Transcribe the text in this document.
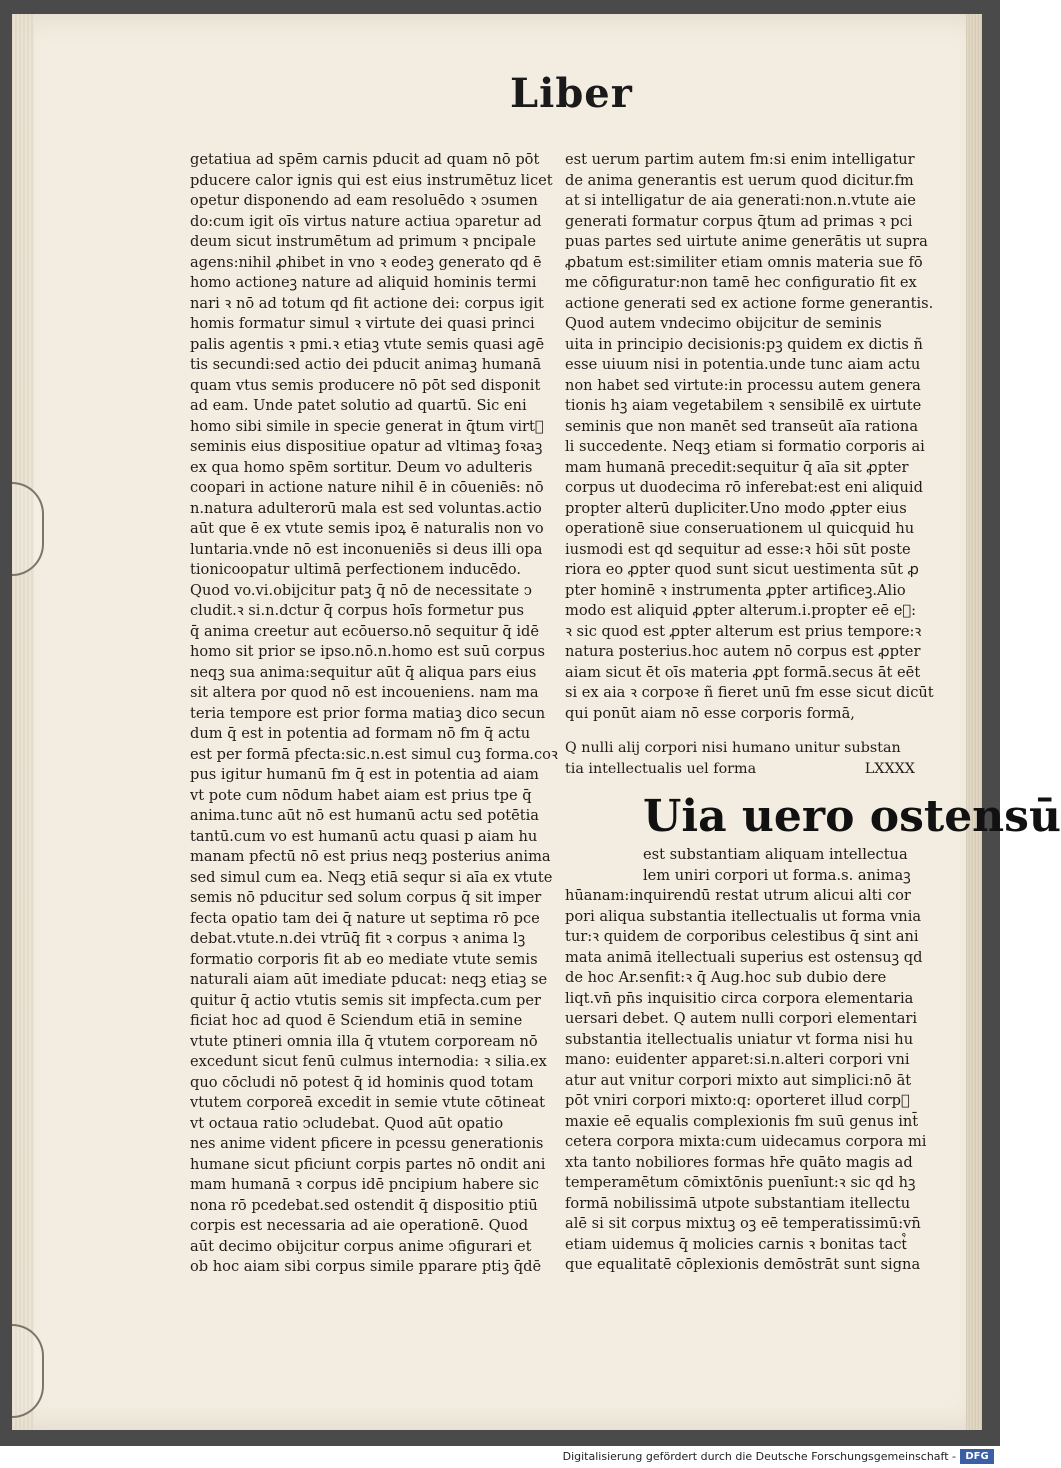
Liber
getatiua ad spēm carnis pducit ad quam nō pōt
pducere calor ignis qui est eius instrumētuz licet
opetur disponendo ad eam resoluēdo ꝛ ↄsumen
do:cum igit oīs virtus nature actiua ↄparetur ad
deum sicut instrumētum ad primum ꝛ pncipale
agens:nihil ꝓhibet in vno ꝛ eodeꝫ generato qd ē
homo actioneꝫ nature ad aliquid hominis termi
nari ꝛ nō ad totum qd fit actione dei: corpus igit
homis formatur simul ꝛ virtute dei quasi princi
palis agentis ꝛ pmi.ꝛ etiaꝫ vtute semis quasi agē
tis secundi:sed actio dei pducit animaꝫ humanā
quam vtus semis producere nō pōt sed disponit
ad eam. Unde patet solutio ad quartū. Sic eni
homo sibi simile in specie generat in q̄tum virt᷒
seminis eius dispositiue opatur ad vltimaꝫ foꝛaꝫ
ex qua homo spēm sortitur. Deum vo adulteris
coopari in actione nature nihil ē in cōueniēs: nō
n.natura adulterorū mala est sed voluntas.actio
aūt que ē ex vtute semis ipoꝝ ē naturalis non vo
luntaria.vnde nō est inconueniēs si deus illi opa
tionicoopatur ultimā perfectionem inducēdo.
Quod vo.vi.obijcitur patꝫ q̄ nō de necessitate ↄ
cludit.ꝛ si.n.dctur q̄ corpus hoīs formetur pus
q̄ anima creetur aut ecōuerso.nō sequitur q̄ idē
homo sit prior se ipso.nō.n.homo est suū corpus
neqꝫ sua anima:sequitur aūt q̄ aliqua pars eius
sit altera por quod nō est incoueniens. nam ma
teria tempore est prior forma matiaꝫ dico secun
dum q̄ est in potentia ad formam nō fm q̄ actu
est per formā pfecta:sic.n.est simul cuꝫ forma.coꝛ
pus igitur humanū fm q̄ est in potentia ad aiam
vt pote cum nōdum habet aiam est prius tpe q̄
anima.tunc aūt nō est humanū actu sed potētia
tantū.cum vo est humanū actu quasi p aiam hu
manam pfectū nō est prius neqꝫ posterius anima
sed simul cum ea. Neqꝫ etiā sequr si aīa ex vtute
semis nō pducitur sed solum corpus q̄ sit imper
fecta opatio tam dei q̄ nature ut septima rō pce
debat.vtute.n.dei vtrūq̄ fit ꝛ corpus ꝛ anima lꝫ
formatio corporis fit ab eo mediate vtute semis
naturali aiam aūt imediate pducat: neqꝫ etiaꝫ se
quitur q̄ actio vtutis semis sit impfecta.cum per
ficiat hoc ad quod ē Sciendum etiā in semine
vtute ptineri omnia illa q̄ vtutem corpoream nō
excedunt sicut fenū culmus internodia: ꝛ silia.ex
quo cōcludi nō potest q̄ id hominis quod totam
vtutem corporeā excedit in semie vtute cōtineat
vt octaua ratio ↄcludebat. Quod aūt opatio
nes anime vident pficere in pcessu generationis
humane sicut pficiunt corpis partes nō ondit ani
mam humanā ꝛ corpus idē pncipium habere sic
nona rō pcedebat.sed ostendit q̄ dispositio ptiū
corpis est necessaria ad aie operationē. Quod
aūt decimo obijcitur corpus anime ↄfigurari et
ob hoc aiam sibi corpus simile pparare ptiꝫ q̄dē
est uerum partim autem fm:si enim intelligatur
de anima generantis est uerum quod dicitur.fm
at si intelligatur de aia generati:non.n.vtute aie
generati formatur corpus q̄tum ad primas ꝛ pci
puas partes sed uirtute anime generātis ut supra
ꝓbatum est:similiter etiam omnis materia sue fō
me cōfiguratur:non tamē hec configuratio fit ex
actione generati sed ex actione forme generantis.
Quod autem vndecimo obijcitur de seminis
uita in principio decisionis:pꝫ quidem ex dictis ñ
esse uiuum nisi in potentia.unde tunc aiam actu
non habet sed virtute:in processu autem genera
tionis hꝫ aiam vegetabilem ꝛ sensibilē ex uirtute
seminis que non manēt sed transeūt aīa rationa
li succedente. Neqꝫ etiam si formatio corporis ai
mam humanā precedit:sequitur q̄ aīa sit ꝓpter
corpus ut duodecima rō inferebat:est eni aliquid
propter alterū dupliciter.Uno modo ꝓpter eius
operationē siue conseruationem ul quicquid hu
iusmodi est qd sequitur ad esse:ꝛ hōi sūt poste
riora eo ꝓpter quod sunt sicut uestimenta sūt ꝓ
pter hominē ꝛ instrumenta ꝓpter artificeꝫ.Alio
modo est aliquid ꝓpter alterum.i.propter eē e᷑:
ꝛ sic quod est ꝓpter alterum est prius tempore:ꝛ
natura posterius.hoc autem nō corpus est ꝓpter
aiam sicut ēt oīs materia ꝓpt formā.secus āt eēt
si ex aia ꝛ corpoꝛe ñ fieret unū fm esse sicut dicūt
qui ponūt aiam nō esse corporis formā,
Q nulli alij corpori nisi humano unitur substan
tia intellectualis uel forma	LXXXX
Uia uero ostensū
est substantiam aliquam intellectua
lem uniri corpori ut forma.s. animaꝫ
hūanam:inquirendū restat utrum alicui alti cor
pori aliqua substantia itellectualis ut forma vnia
tur:ꝛ quidem de corporibus celestibus q̄ sint ani
mata animā itellectuali superius est ostensuꝫ qd
de hoc Ar.senfit:ꝛ q̄ Aug.hoc sub dubio dere
liqt.vn̄ pn̄s inquisitio circa corpora elementaria
uersari debet. Q autem nulli corpori elementari
substantia itellectualis uniatur vt forma nisi hu
mano: euidenter apparet:si.n.alteri corpori vni
atur aut vnitur corpori mixto aut simplici:nō āt
pōt vniri corpori mixto:q: oporteret illud corp᷒
maxie eē equalis complexionis fm suū genus int̄
cetera corpora mixta:cum uidecamus corpora mi
xta tanto nobiliores formas hr̄e quāto magis ad
temperamētum cōmixtōnis puenīunt:ꝛ sic qd hꝫ
formā nobilissimā utpote substantiam itellectu
alē si sit corpus mixtuꝫ oꝫ eē temperatissimū:vn̄
etiam uidemus q̄ molicies carnis ꝛ bonitas tact᷒
que equalitatē cōplexionis demōstrāt sunt signa
Digitalisierung gefördert durch die Deutsche Forschungsgemeinschaft - DFG
